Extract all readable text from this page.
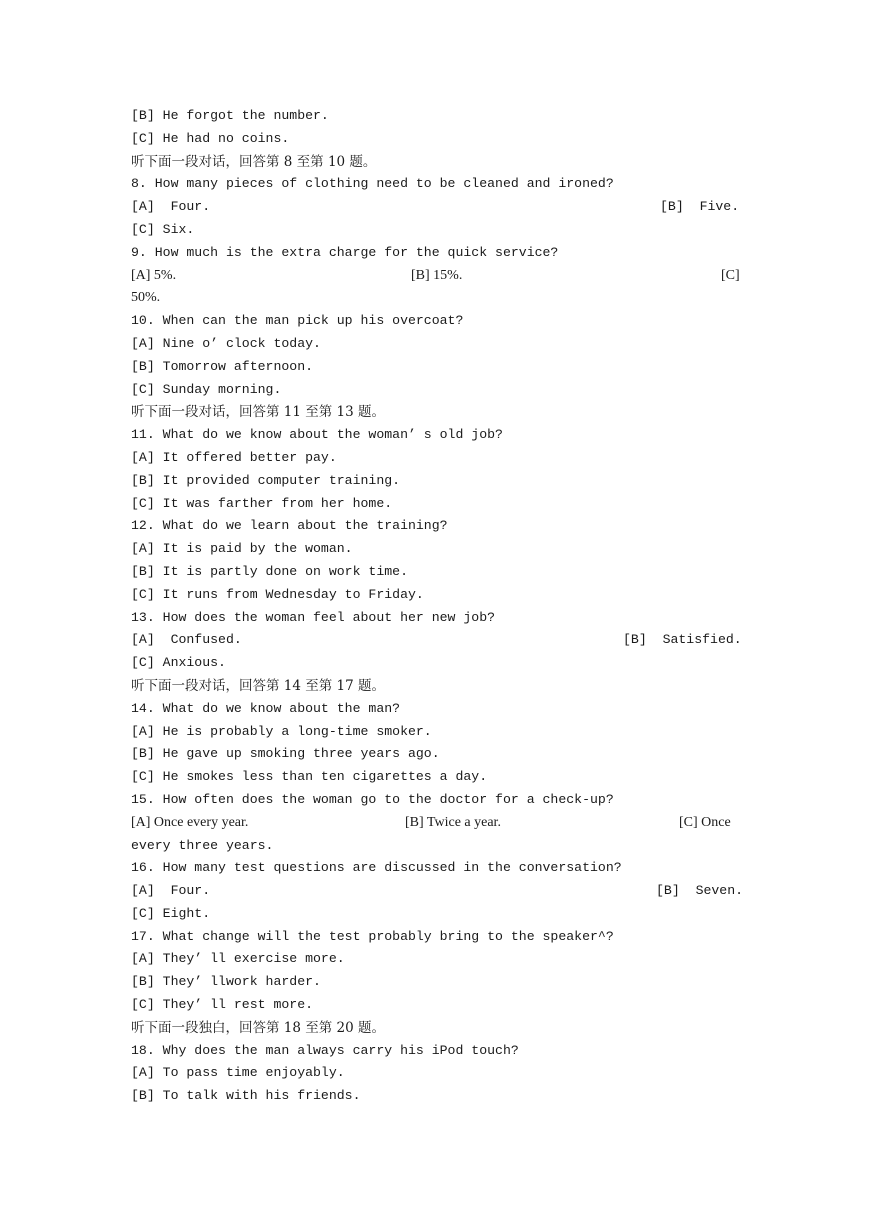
[B] He forgot the number.
[C] He had no coins.
听下面一段对话，回答第 8 至第 10 题。
8. How many pieces of clothing need to be cleaned and ironed?

[A]  Four.

	[B]  Five.

[C] Six.
9. How much is the extra charge for the quick service?

[A] 5%.

	[B] 15%.

	[C]

50%.
10. When can the man pick up his overcoat?
[A] Nine o’ clock today.
[B] Tomorrow afternoon.
[C] Sunday morning.
听下面一段对话，回答第 11 至第 13 题。
11. What do we know about the woman’ s old job?
[A] It offered better pay.
[B] It provided computer training.
[C] It was farther from her home.
12. What do we learn about the training?
[A] It is paid by the woman.
[B] It is partly done on work time.
[C] It runs from Wednesday to Friday.
13. How does the woman feel about her new job?

[A]  Confused.

	[B]  Satisfied.

[C] Anxious.
听下面一段对话，回答第 14 至第 17 题。
14. What do we know about the man?
[A] He is probably a long-time smoker.
[B] He gave up smoking three years ago.
[C] He smokes less than ten cigarettes a day.
15. How often does the woman go to the doctor for a check-up?

[A] Once every year.

	[B] Twice a year.

	[C] Once

every three years.
16. How many test questions are discussed in the conversation?

[A]  Four.

	[B]  Seven.

[C] Eight.
17. What change will the test probably bring to the speaker^?
[A] They’ ll exercise more.
[B] They’ llwork harder.
[C] They’ ll rest more.
听下面一段独白，回答第 18 至第 20 题。
18. Why does the man always carry his iPod touch?
[A] To pass time enjoyably.
[B] To talk with his friends.
